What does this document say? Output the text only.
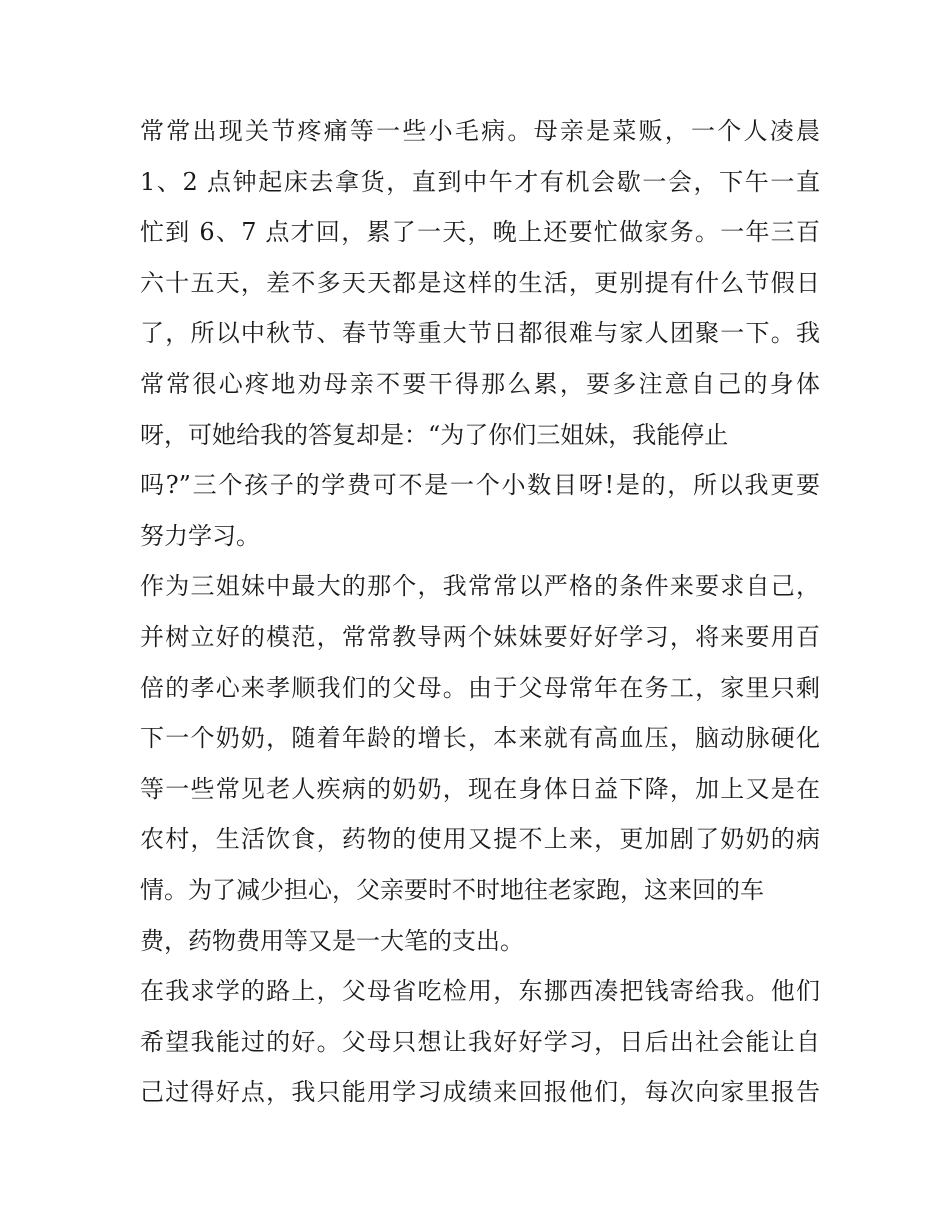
常常出现关节疼痛等一些小毛病。母亲是菜贩，一个人凌晨
1、2 点钟起床去拿货，直到中午才有机会歇一会，下午一直
忙到 6、7 点才回，累了一天，晚上还要忙做家务。一年三百
六十五天，差不多天天都是这样的生活，更别提有什么节假日
了，所以中秋节、春节等重大节日都很难与家人团聚一下。我
常常很心疼地劝母亲不要干得那么累，要多注意自己的身体
呀，可她给我的答复却是：“为了你们三姐妹，我能停止
吗?”三个孩子的学费可不是一个小数目呀!是的，所以我更要
努力学习。
作为三姐妹中最大的那个，我常常以严格的条件来要求自己，
并树立好的模范，常常教导两个妹妹要好好学习，将来要用百
倍的孝心来孝顺我们的父母。由于父母常年在务工，家里只剩
下一个奶奶，随着年龄的增长，本来就有高血压，脑动脉硬化
等一些常见老人疾病的奶奶，现在身体日益下降，加上又是在
农村，生活饮食，药物的使用又提不上来，更加剧了奶奶的病
情。为了减少担心，父亲要时不时地往老家跑，这来回的车
费，药物费用等又是一大笔的支出。
在我求学的路上，父母省吃检用，东挪西凑把钱寄给我。他们
希望我能过的好。父母只想让我好好学习，日后出社会能让自
己过得好点，我只能用学习成绩来回报他们，每次向家里报告
